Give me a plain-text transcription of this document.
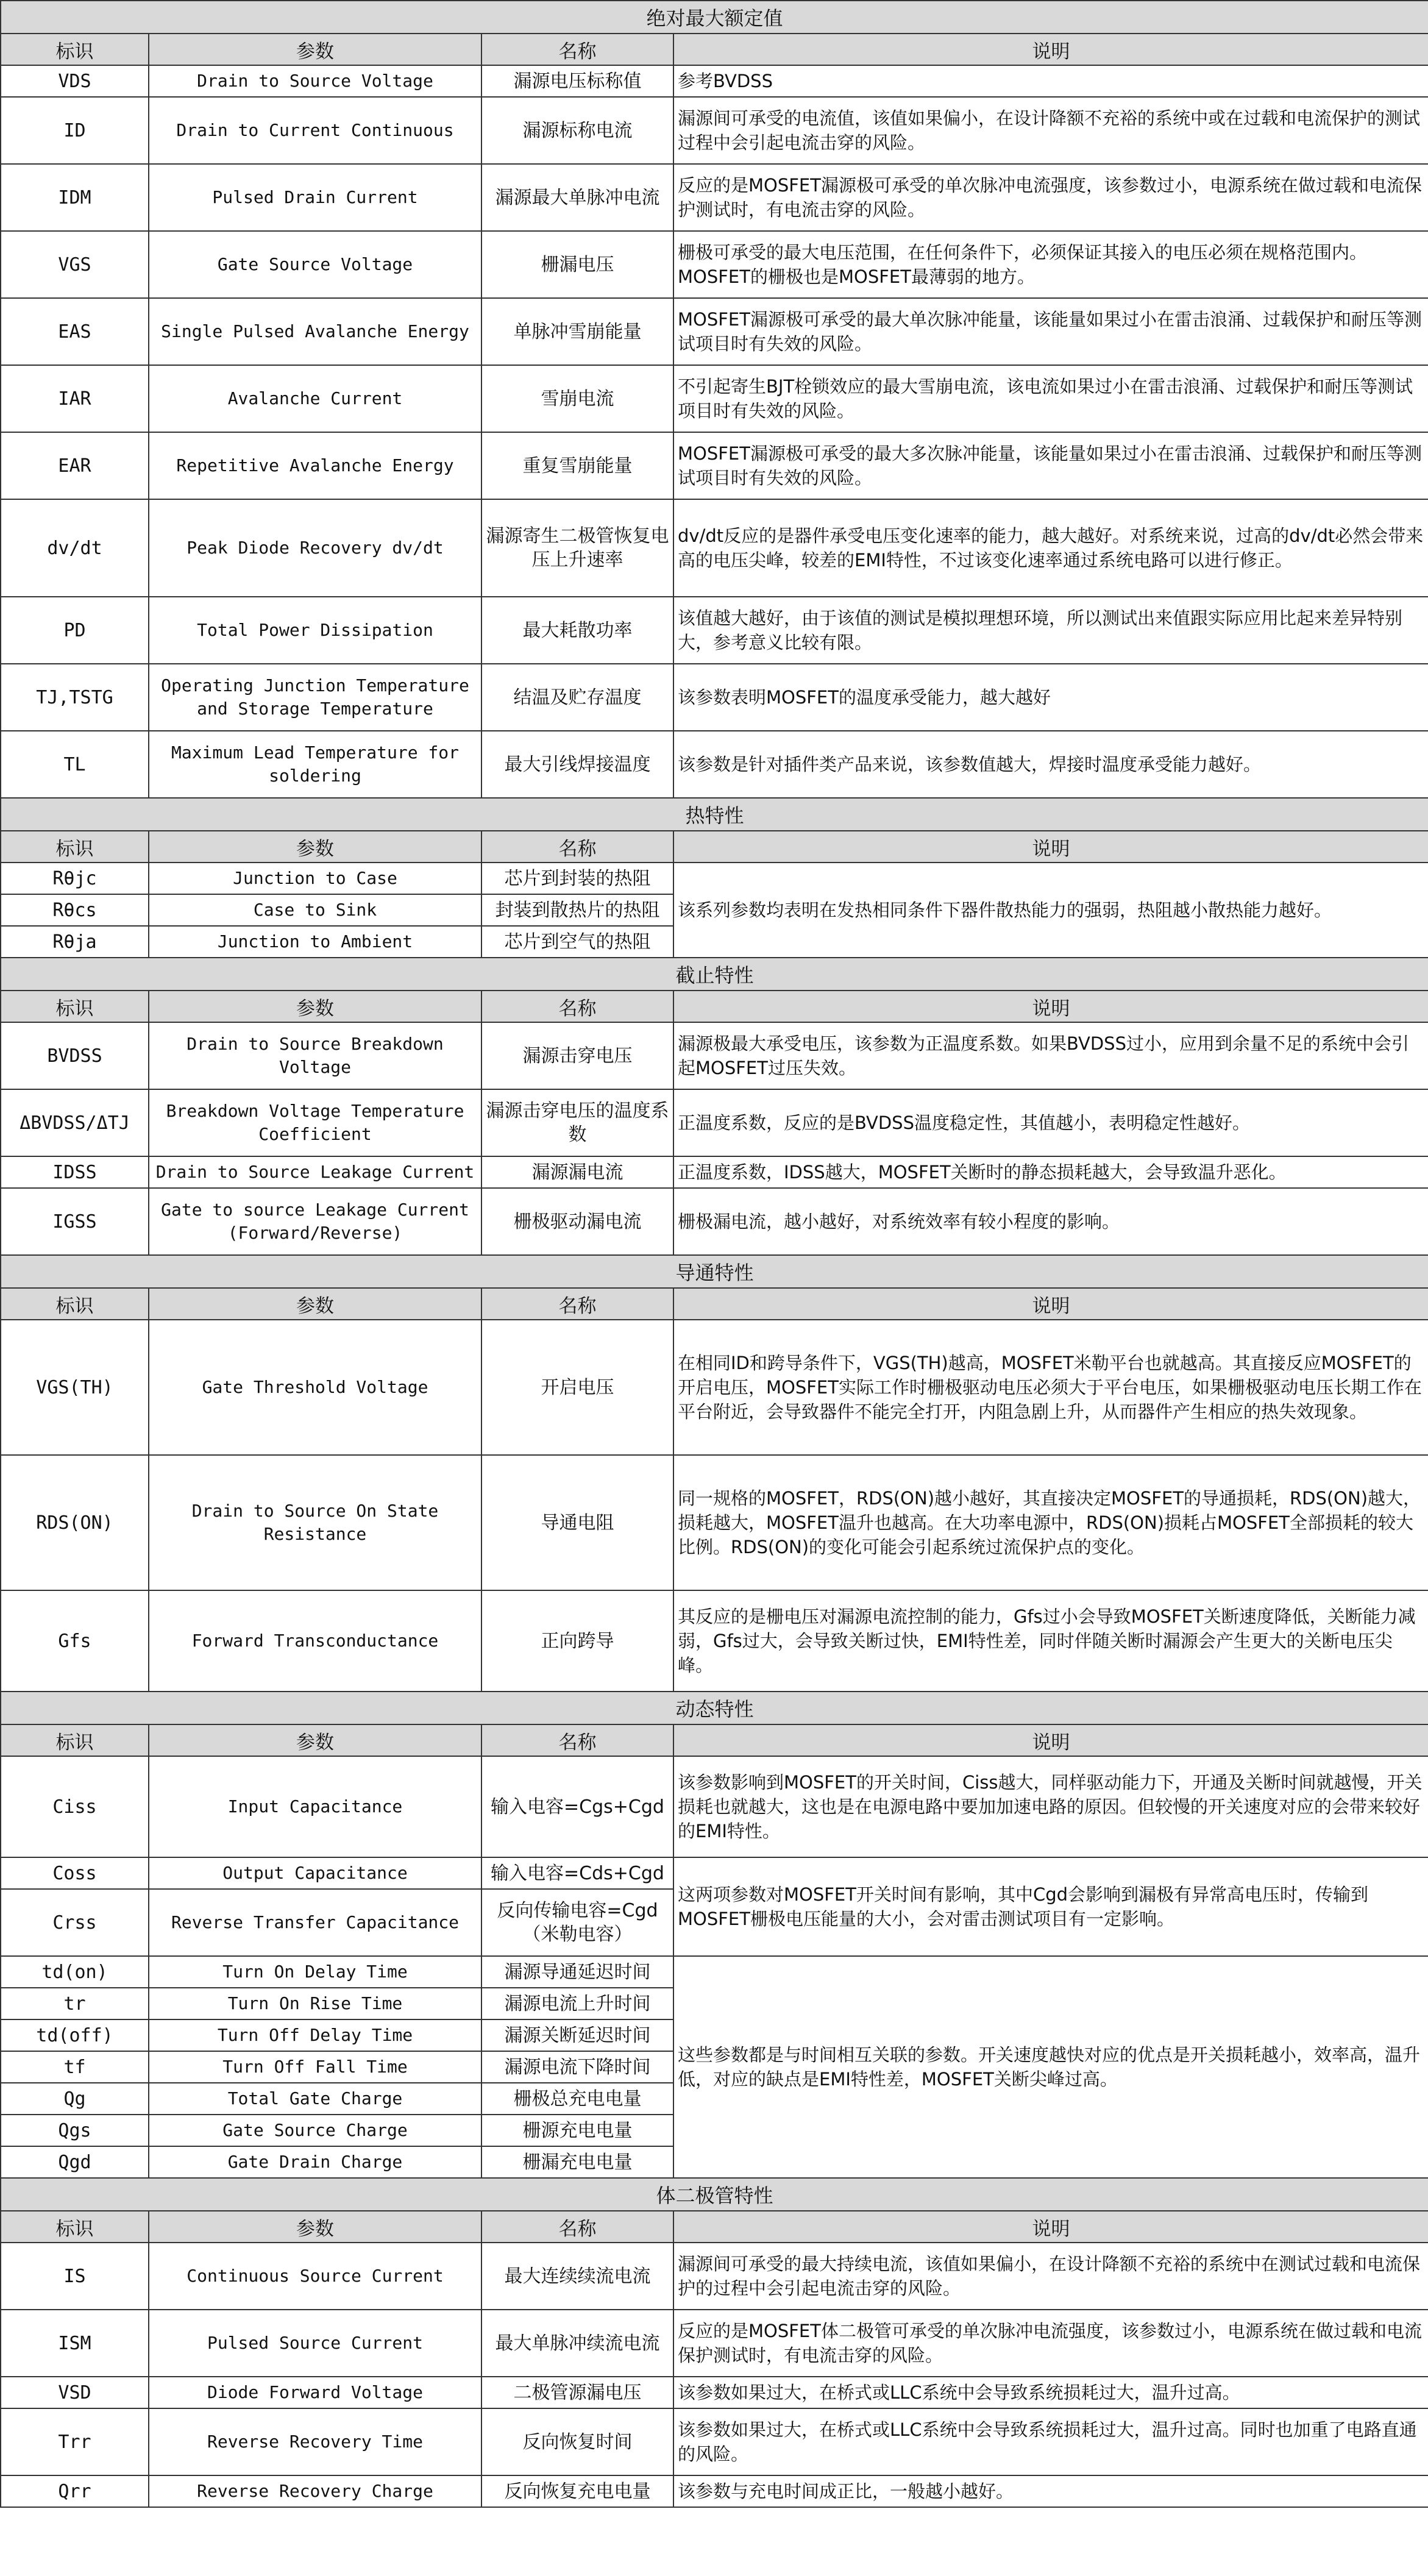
绝对最大额定值			
标识	参数	名称	说明
VDS	Drain to Source Voltage	漏源电压标称值	参考BVDSS
ID	Drain to Current Continuous	漏源标称电流	漏源间可承受的电流值，该值如果偏小，在设计降额不充裕的系统中或在过载和电流保护的测试过程中会引起电流击穿的风险。
IDM	Pulsed Drain Current	漏源最大单脉冲电流	反应的是MOSFET漏源极可承受的单次脉冲电流强度，该参数过小，电源系统在做过载和电流保护测试时，有电流击穿的风险。
VGS	Gate Source Voltage	栅漏电压	栅极可承受的最大电压范围，在任何条件下，必须保证其接入的电压必须在规格范围内。MOSFET的栅极也是MOSFET最薄弱的地方。
EAS	Single Pulsed Avalanche Energy	单脉冲雪崩能量	MOSFET漏源极可承受的最大单次脉冲能量，该能量如果过小在雷击浪涌、过载保护和耐压等测试项目时有失效的风险。
IAR	Avalanche Current	雪崩电流	不引起寄生BJT栓锁效应的最大雪崩电流，该电流如果过小在雷击浪涌、过载保护和耐压等测试项目时有失效的风险。
EAR	Repetitive Avalanche Energy	重复雪崩能量	MOSFET漏源极可承受的最大多次脉冲能量，该能量如果过小在雷击浪涌、过载保护和耐压等测试项目时有失效的风险。
dv/dt	Peak Diode Recovery dv/dt	漏源寄生二极管恢复电压上升速率	dv/dt反应的是器件承受电压变化速率的能力，越大越好。对系统来说，过高的dv/dt必然会带来高的电压尖峰，较差的EMI特性，不过该变化速率通过系统电路可以进行修正。
PD	Total Power Dissipation	最大耗散功率	该值越大越好，由于该值的测试是模拟理想环境，所以测试出来值跟实际应用比起来差异特别大，参考意义比较有限。
TJ,TSTG	Operating Junction Temperature and Storage Temperature	结温及贮存温度	该参数表明MOSFET的温度承受能力，越大越好
TL	Maximum Lead Temperature for soldering	最大引线焊接温度	该参数是针对插件类产品来说，该参数值越大，焊接时温度承受能力越好。
热特性			
标识	参数	名称	说明
Rθjc	Junction to Case	芯片到封装的热阻	该系列参数均表明在发热相同条件下器件散热能力的强弱，热阻越小散热能力越好。
Rθcs	Case to Sink	封装到散热片的热阻	
Rθja	Junction to Ambient	芯片到空气的热阻	
截止特性			
标识	参数	名称	说明
BVDSS	Drain to Source Breakdown Voltage	漏源击穿电压	漏源极最大承受电压，该参数为正温度系数。如果BVDSS过小，应用到余量不足的系统中会引起MOSFET过压失效。
ΔBVDSS/ΔTJ	Breakdown Voltage Temperature Coefficient	漏源击穿电压的温度系数	正温度系数，反应的是BVDSS温度稳定性，其值越小，表明稳定性越好。
IDSS	Drain to Source Leakage Current	漏源漏电流	正温度系数，IDSS越大，MOSFET关断时的静态损耗越大，会导致温升恶化。
IGSS	Gate to source Leakage Current (Forward/Reverse)	栅极驱动漏电流	栅极漏电流，越小越好，对系统效率有较小程度的影响。
导通特性			
标识	参数	名称	说明
VGS(TH)	Gate Threshold Voltage	开启电压	在相同ID和跨导条件下，VGS(TH)越高，MOSFET米勒平台也就越高。其直接反应MOSFET的开启电压，MOSFET实际工作时栅极驱动电压必须大于平台电压，如果栅极驱动电压长期工作在平台附近，会导致器件不能完全打开，内阻急剧上升，从而器件产生相应的热失效现象。
RDS(ON)	Drain to Source On State Resistance	导通电阻	同一规格的MOSFET，RDS(ON)越小越好，其直接决定MOSFET的导通损耗，RDS(ON)越大，损耗越大，MOSFET温升也越高。在大功率电源中，RDS(ON)损耗占MOSFET全部损耗的较大比例。RDS(ON)的变化可能会引起系统过流保护点的变化。
Gfs	Forward Transconductance	正向跨导	其反应的是栅电压对漏源电流控制的能力，Gfs过小会导致MOSFET关断速度降低，关断能力减弱，Gfs过大，会导致关断过快，EMI特性差，同时伴随关断时漏源会产生更大的关断电压尖峰。
动态特性			
标识	参数	名称	说明
Ciss	Input Capacitance	输入电容=Cgs+Cgd	该参数影响到MOSFET的开关时间，Ciss越大，同样驱动能力下，开通及关断时间就越慢，开关损耗也就越大，这也是在电源电路中要加加速电路的原因。但较慢的开关速度对应的会带来较好的EMI特性。
Coss	Output Capacitance	输入电容=Cds+Cgd	这两项参数对MOSFET开关时间有影响，其中Cgd会影响到漏极有异常高电压时，传输到MOSFET栅极电压能量的大小，会对雷击测试项目有一定影响。
Crss	Reverse Transfer Capacitance	反向传输电容=Cgd（米勒电容）	
td(on)	Turn On Delay Time	漏源导通延迟时间	这些参数都是与时间相互关联的参数。开关速度越快对应的优点是开关损耗越小，效率高，温升低，对应的缺点是EMI特性差，MOSFET关断尖峰过高。
tr	Turn On Rise Time	漏源电流上升时间	
td(off)	Turn Off Delay Time	漏源关断延迟时间	
tf	Turn Off Fall Time	漏源电流下降时间	
Qg	Total Gate Charge	栅极总充电电量	
Qgs	Gate Source Charge	栅源充电电量	
Qgd	Gate Drain Charge	栅漏充电电量	
体二极管特性			
标识	参数	名称	说明
IS	Continuous Source Current	最大连续续流电流	漏源间可承受的最大持续电流，该值如果偏小，在设计降额不充裕的系统中在测试过载和电流保护的过程中会引起电流击穿的风险。
ISM	Pulsed Source Current	最大单脉冲续流电流	反应的是MOSFET体二极管可承受的单次脉冲电流强度，该参数过小，电源系统在做过载和电流保护测试时，有电流击穿的风险。
VSD	Diode Forward Voltage	二极管源漏电压	该参数如果过大，在桥式或LLC系统中会导致系统损耗过大，温升过高。
Trr	Reverse Recovery Time	反向恢复时间	该参数如果过大，在桥式或LLC系统中会导致系统损耗过大，温升过高。同时也加重了电路直通的风险。
Qrr	Reverse Recovery Charge	反向恢复充电电量	该参数与充电时间成正比，一般越小越好。
